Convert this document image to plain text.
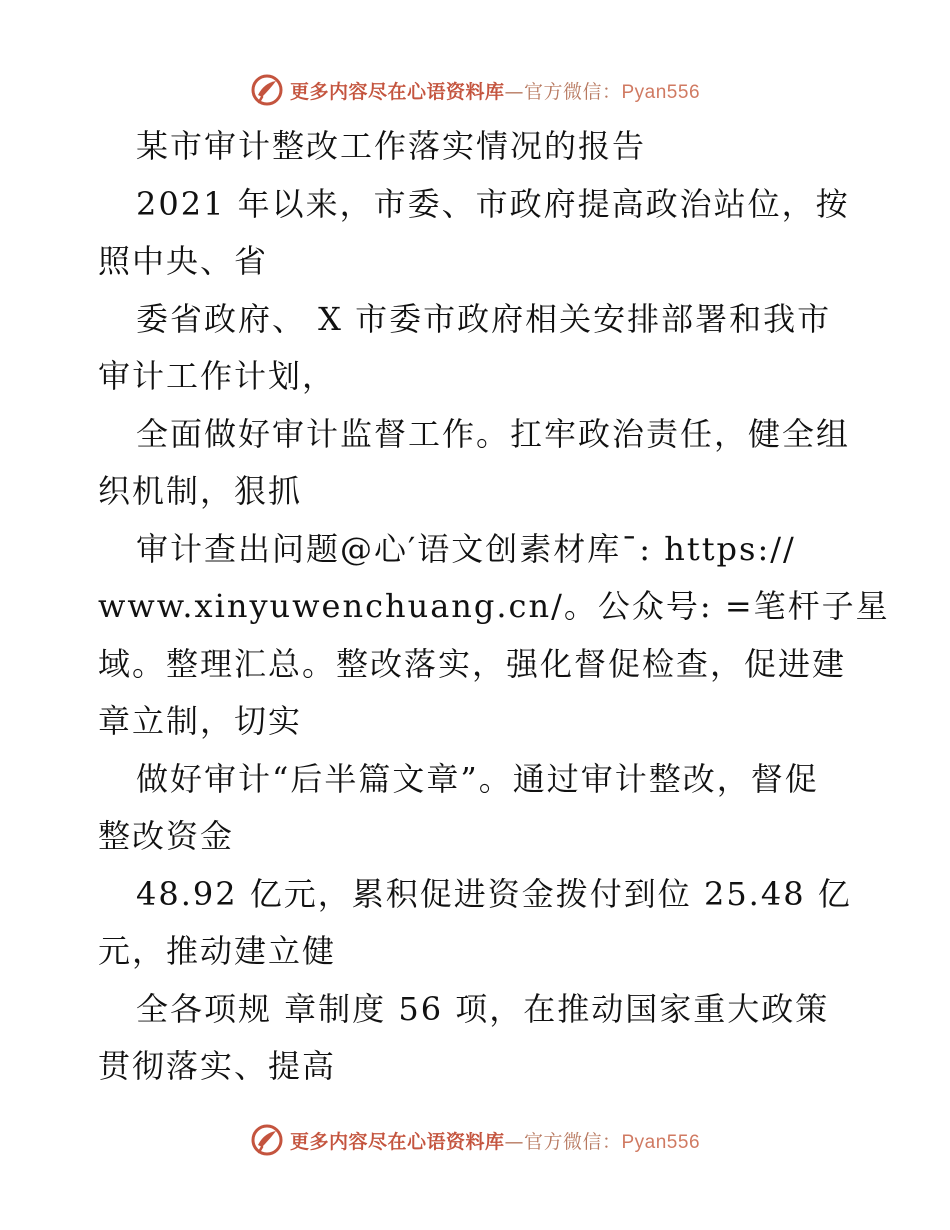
更多内容尽在心语资料库—官方微信：Pyan556
某市审计整改工作落实情况的报告
2021 年以来，市委、市政府提高政治站位，按
照中央、省
委省政府、 X 市委市政府相关安排部署和我市
审计工作计划，
全面做好审计监督工作。扛牢政治责任，健全组
织机制，狠抓
审计查出问题@心′语文创素材库¯: https://
www.xinyuwenchuang.cn/。公众号: =笔杆子星
域。整理汇总。整改落实，强化督促检查，促进建
章立制，切实
做好审计“后半篇文章”。通过审计整改，督促
整改资金
48.92 亿元，累积促进资金拨付到位 25.48 亿
元，推动建立健
全各项规 章制度 56 项，在推动国家重大政策
贯彻落实、提高
更多内容尽在心语资料库—官方微信：Pyan556
